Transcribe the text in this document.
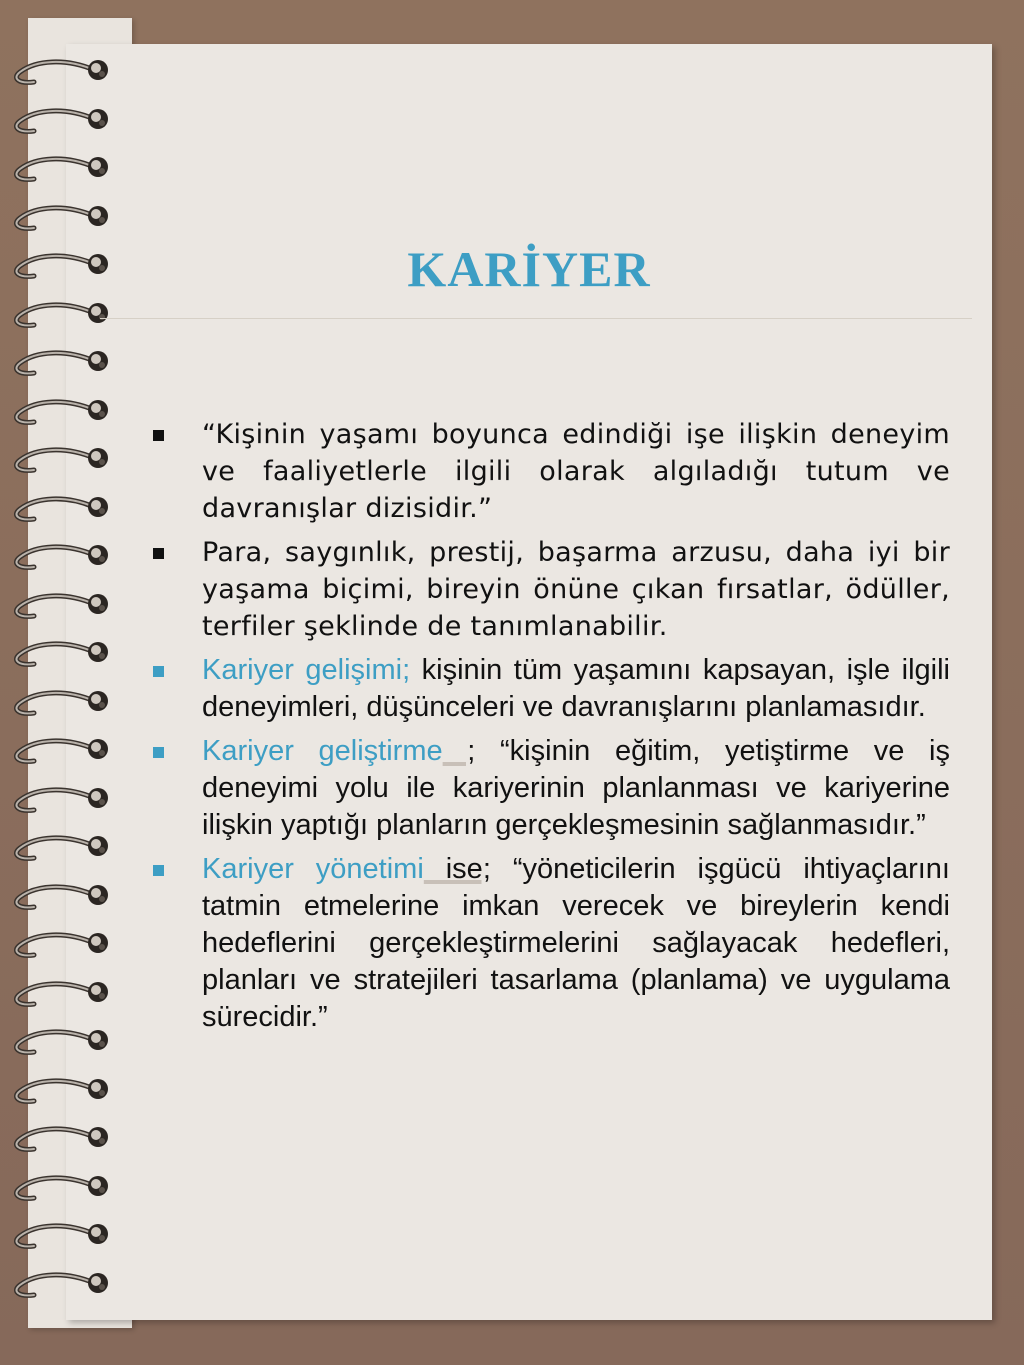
KARİYER
“Kişinin yaşamı boyunca edindiği işe ilişkin deneyim ve faaliyetlerle ilgili olarak algıladığı tutum ve davranışlar dizisidir.”
Para, saygınlık, prestij, başarma arzusu, daha iyi bir yaşama biçimi, bireyin önüne çıkan fırsatlar, ödüller, terfiler şeklinde de tanımlanabilir.
Kariyer gelişimi; kişinin tüm yaşamını kapsayan, işle ilgili deneyimleri, düşünceleri ve davranışlarını planlamasıdır.
Kariyer geliştirme ; “kişinin eğitim, yetiştirme ve iş deneyimi yolu ile kariyerinin planlanması ve kariyerine ilişkin yaptığı planların gerçekleşmesinin sağlanmasıdır.”
Kariyer yönetimi ise; “yöneticilerin işgücü ihtiyaçlarını tatmin etmelerine imkan verecek ve bireylerin kendi hedeflerini gerçekleştirmelerini sağlayacak hedefleri, planları ve stratejileri tasarlama (planlama) ve uygulama sürecidir.”
